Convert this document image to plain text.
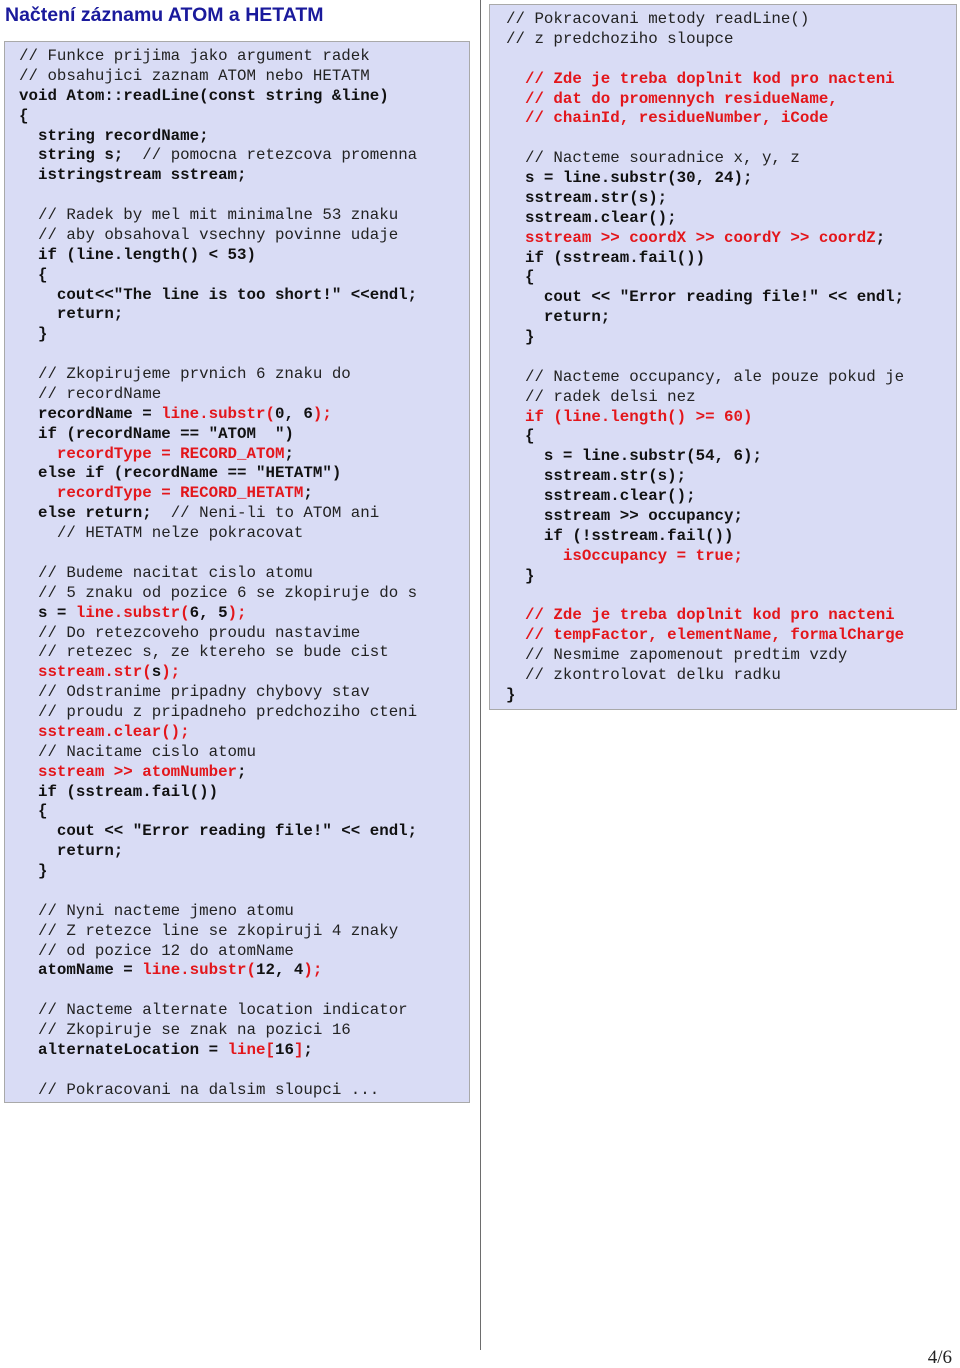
Načtení záznamu ATOM a HETATM
// Funkce prijima jako argument radek
// obsahujici zaznam ATOM nebo HETATM
void Atom::readLine(const string &line)
{
string recordName;
string s;  // pomocna retezcova promenna
istringstream sstream;
// Radek by mel mit minimalne 53 znaku
// aby obsahoval vsechny povinne udaje
if (line.length() < 53)
{
cout<<"The line is too short!" <<endl;
return;
}
// Zkopirujeme prvnich 6 znaku do
// recordName
recordName = line.substr(0, 6);
if (recordName == "ATOM  ")
recordType = RECORD_ATOM;
else if (recordName == "HETATM")
recordType = RECORD_HETATM;
else return;  // Neni-li to ATOM ani
// HETATM nelze pokracovat
// Budeme nacitat cislo atomu
// 5 znaku od pozice 6 se zkopiruje do s
s = line.substr(6, 5);
// Do retezcoveho proudu nastavime
// retezec s, ze ktereho se bude cist
sstream.str(s);
// Odstranime pripadny chybovy stav
// proudu z pripadneho predchoziho cteni
sstream.clear();
// Nacitame cislo atomu
sstream >> atomNumber;
if (sstream.fail())
{
cout << "Error reading file!" << endl;
return;
}
// Nyni nacteme jmeno atomu
// Z retezce line se zkopiruji 4 znaky
// od pozice 12 do atomName
atomName = line.substr(12, 4);
// Nacteme alternate location indicator
// Zkopiruje se znak na pozici 16
alternateLocation = line[16];
// Pokracovani na dalsim sloupci ...
// Pokracovani metody readLine()
// z predchoziho sloupce
// Zde je treba doplnit kod pro nacteni
// dat do promennych residueName,
// chainId, residueNumber, iCode
// Nacteme souradnice x, y, z
s = line.substr(30, 24);
sstream.str(s);
sstream.clear();
sstream >> coordX >> coordY >> coordZ;
if (sstream.fail())
{
cout << "Error reading file!" << endl;
return;
}
// Nacteme occupancy, ale pouze pokud je
// radek delsi nez
if (line.length() >= 60)
{
s = line.substr(54, 6);
sstream.str(s);
sstream.clear();
sstream >> occupancy;
if (!sstream.fail())
isOccupancy = true;
}
// Zde je treba doplnit kod pro nacteni
// tempFactor, elementName, formalCharge
// Nesmime zapomenout predtim vzdy
// zkontrolovat delku radku
}
4/6
